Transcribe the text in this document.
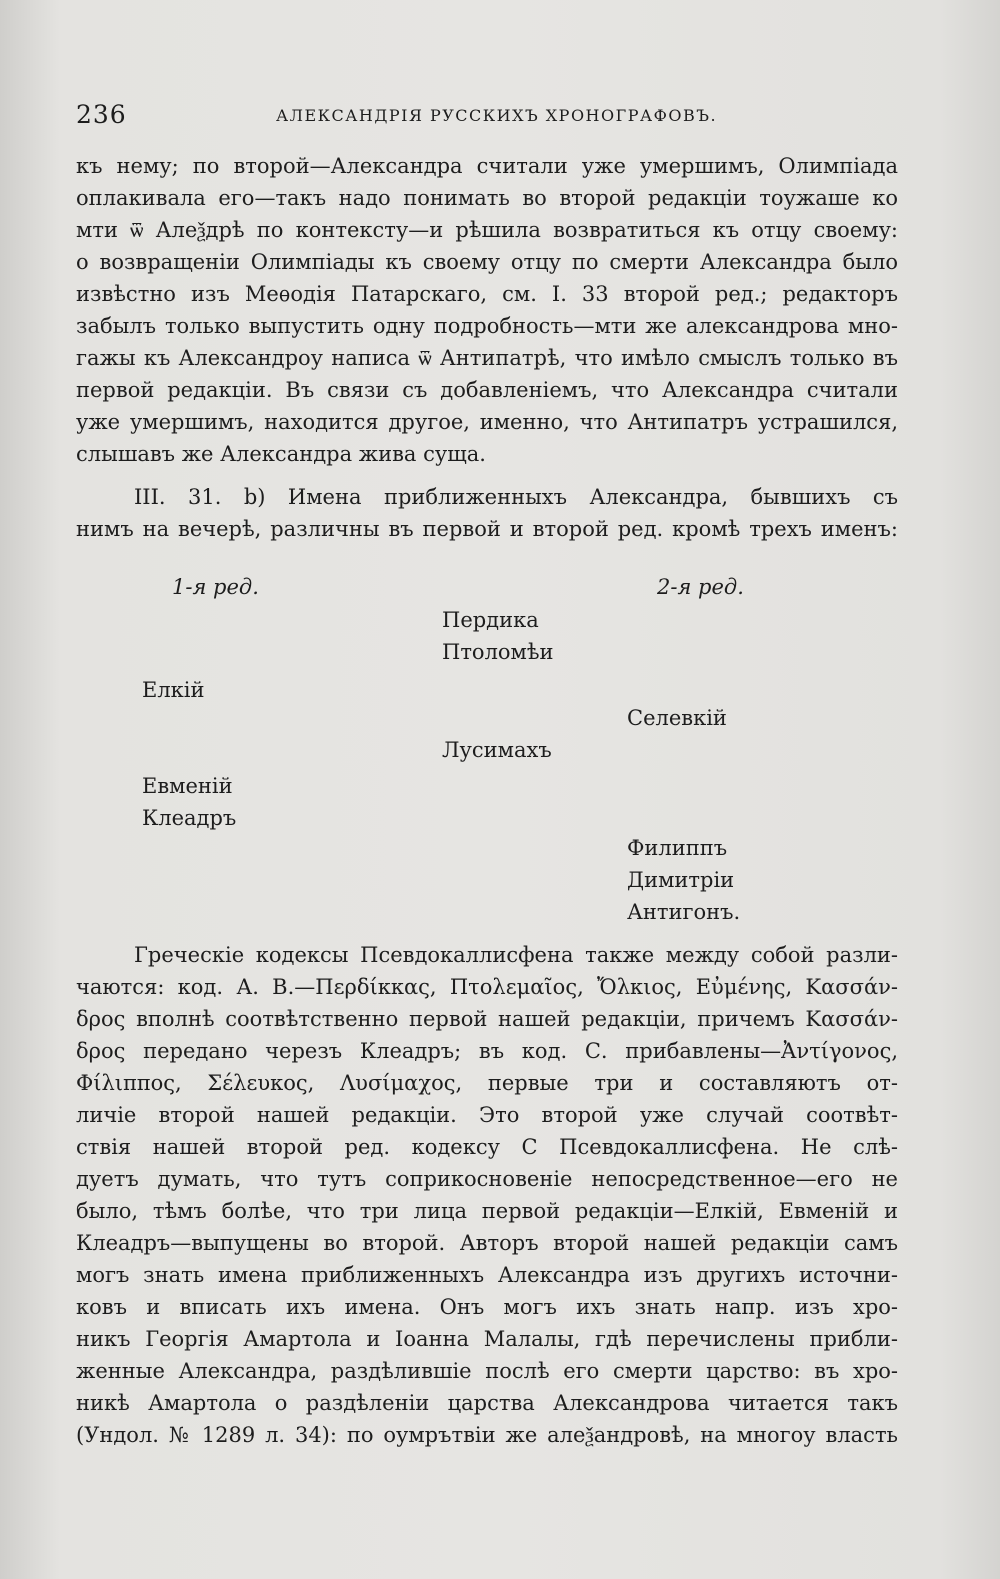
236	АЛЕКСАНДРІЯ РУССКИХЪ ХРОНОГРАФОВЪ.
къ нему; по второй—Александра считали уже умершимъ, Олимпіада
оплакивала его—такъ надо понимать во второй редакціи тоужаше ко
мти ѿ Алеѯдрѣ по контексту—и рѣшила возвратиться къ отцу своему:
о возвращеніи Олимпіады къ своему отцу по смерти Александра было
извѣстно изъ Меѳодія Патарскаго, см. І. 33 второй ред.; редакторъ
забылъ только выпустить одну подробность—мти же александрова мно-
гажы къ Александроу написа ѿ Антипатрѣ, что имѣло смыслъ только въ
первой редакціи. Въ связи съ добавленіемъ, что Александра считали
уже умершимъ, находится другое, именно, что Антипатръ устрашился,
слышавъ же Александра жива суща.
III. 31. b) Имена приближенныхъ Александра, бывшихъ съ
нимъ на вечерѣ, различны въ первой и второй ред. кромѣ трехъ именъ:
1-я ред.	2-я ред.
Пердика
Птоломѣи
Елкій
Селевкій
Лусимахъ
Евменій
Клеадръ
Филиппъ
Димитріи
Антигонъ.
Греческіе кодексы Псевдокаллисфена также между собой разли-
чаются: код. А. В.—Περδίκκας, Πτολεμαῖος, Ὄλκιος, Εὐμένης, Κασσάν-
δρος вполнѣ соотвѣтственно первой нашей редакціи, причемъ Κασσάν-
δρος передано черезъ Клеадръ; въ код. С. прибавлены—Ἀντίγονος,
Φίλιππος, Σέλευκος, Λυσίμαχος, первые три и составляютъ от-
личіе второй нашей редакціи. Это второй уже случай соотвѣт-
ствія нашей второй ред. кодексу С Псевдокаллисфена. Не слѣ-
дуетъ думать, что тутъ соприкосновеніе непосредственное—его не
было, тѣмъ болѣе, что три лица первой редакціи—Елкій, Евменій и
Клеадръ—выпущены во второй. Авторъ второй нашей редакціи самъ
могъ знать имена приближенныхъ Александра изъ другихъ источни-
ковъ и вписать ихъ имена. Онъ могъ ихъ знать напр. изъ хро-
никъ Георгія Амартола и Іоанна Малалы, гдѣ перечислены прибли-
женные Александра, раздѣлившіе послѣ его смерти царство: въ хро-
никѣ Амартола о раздѣленіи царства Александрова читается такъ
(Ундол. № 1289 л. 34): по оумрътвіи же алеѯандровѣ, на многоу власть
